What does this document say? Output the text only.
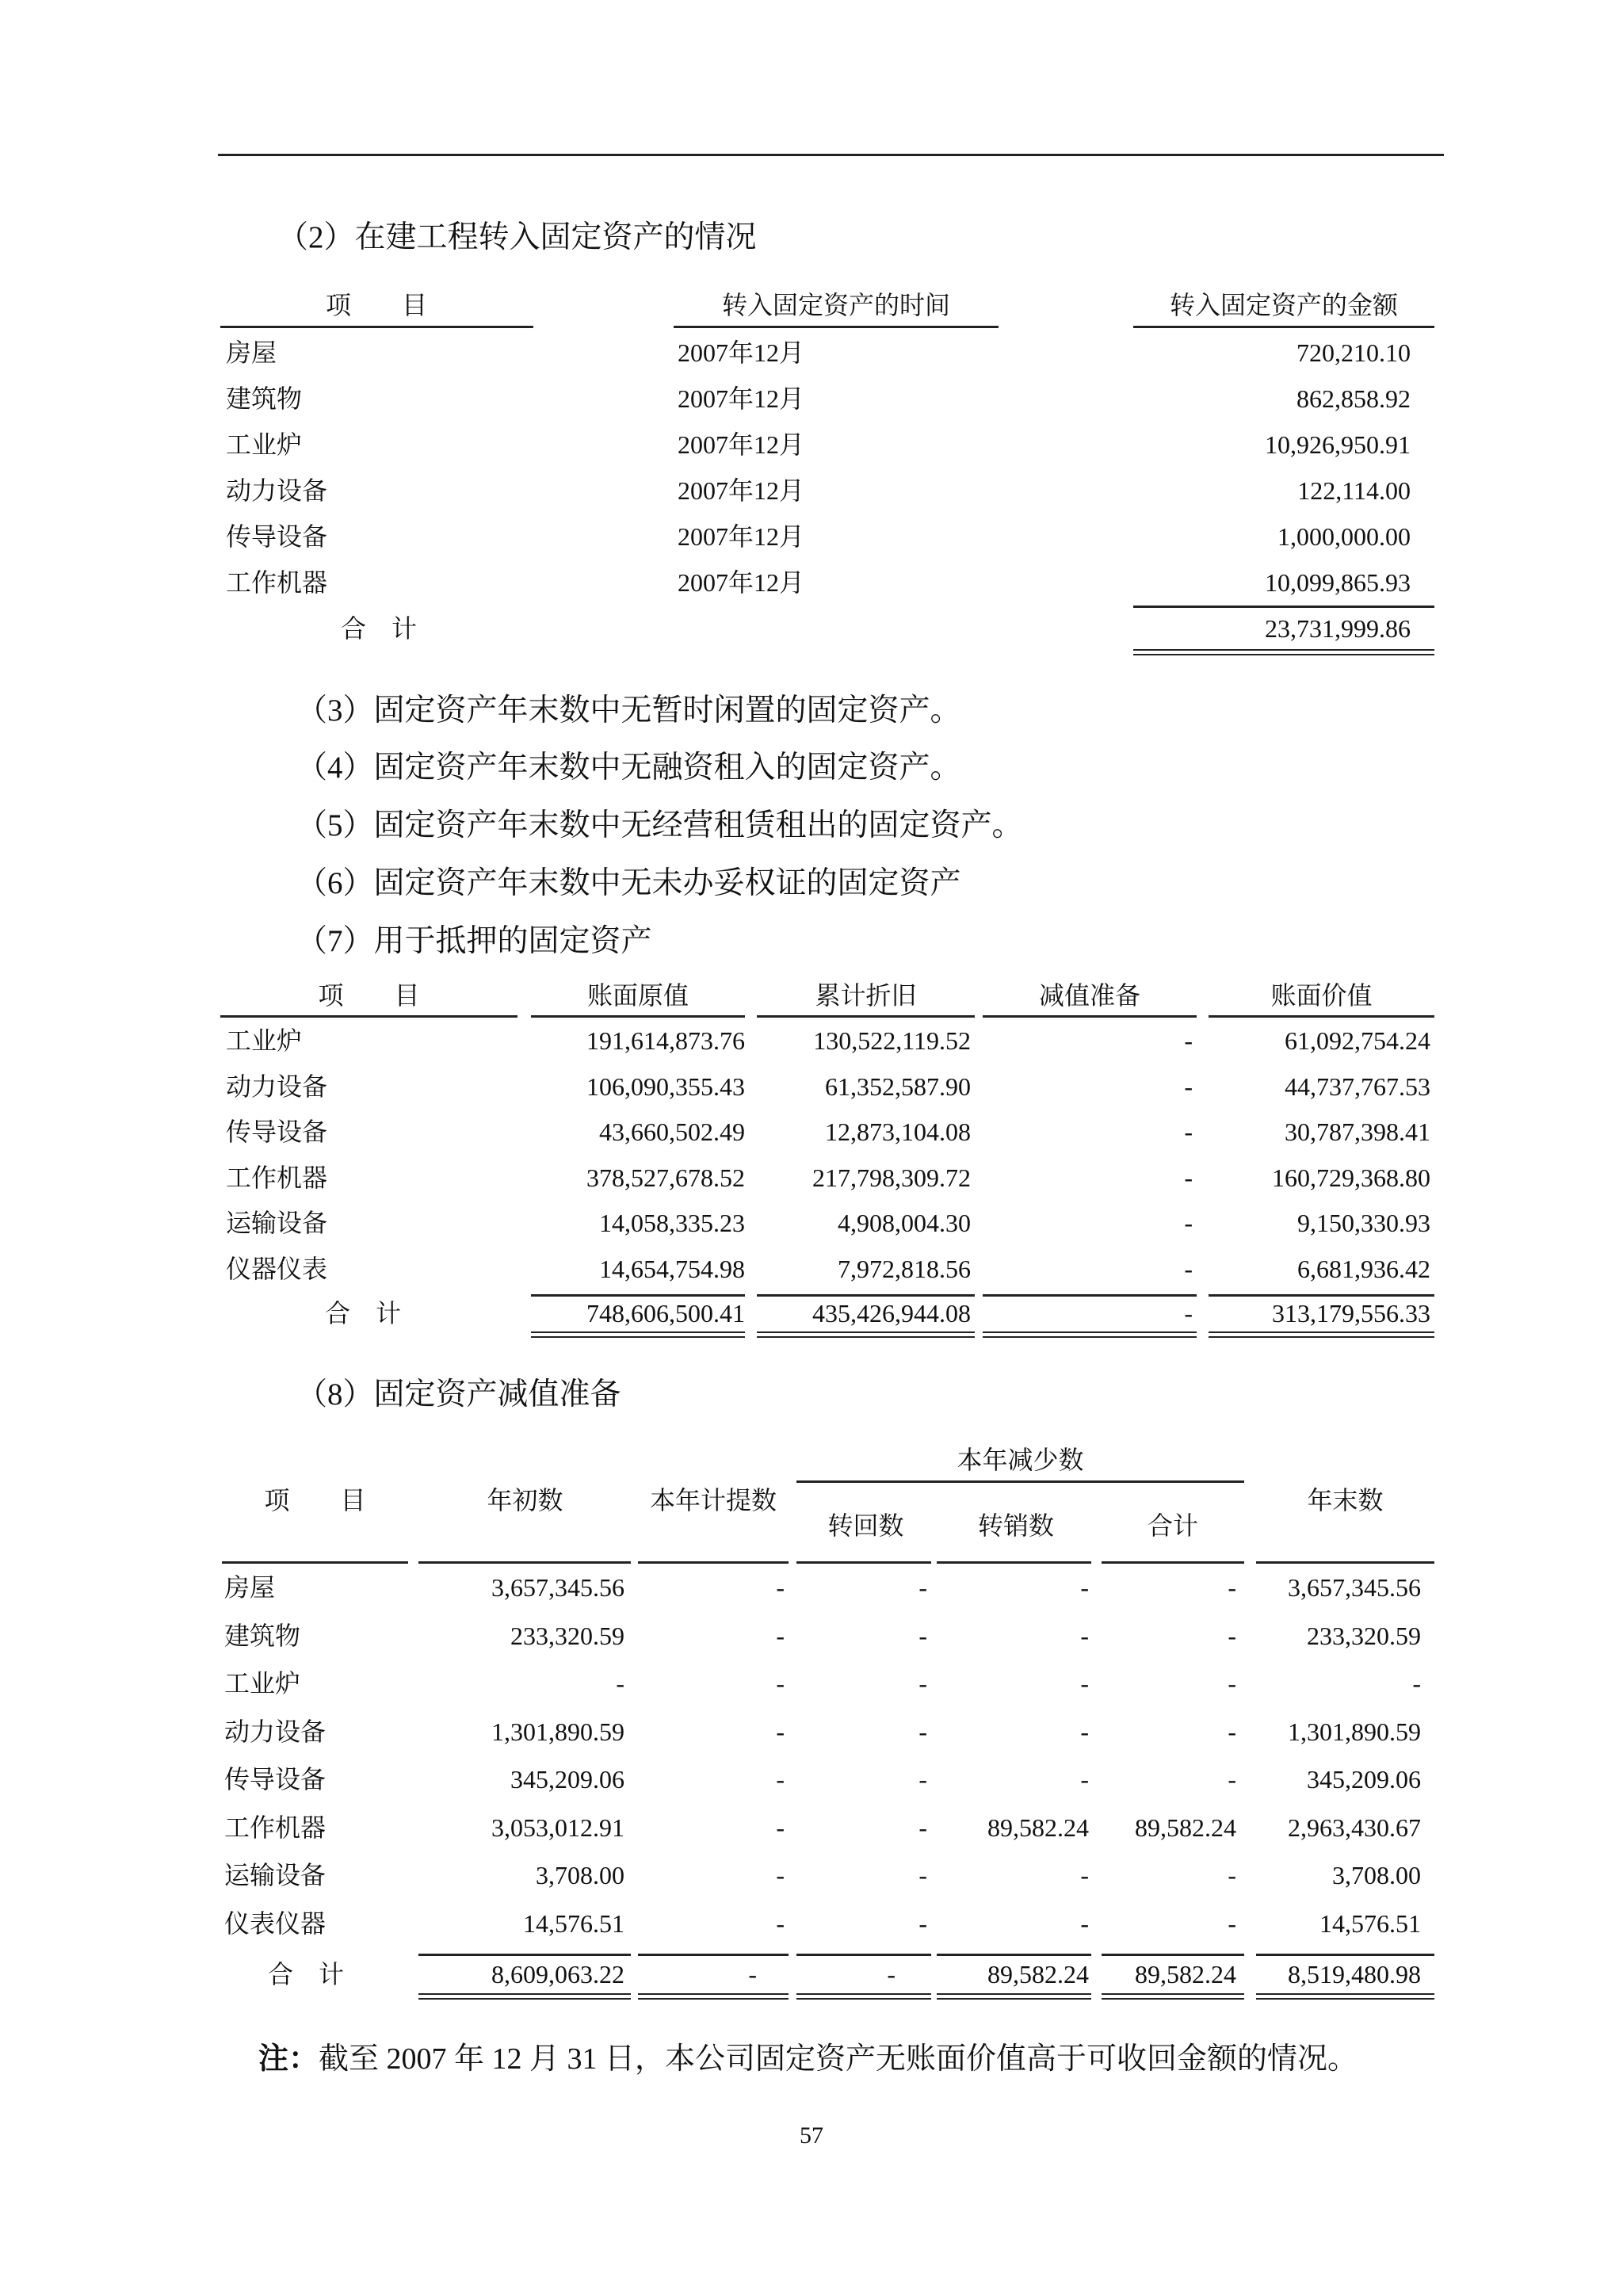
（2）在建工程转入固定资产的情况
项　　目	转入固定资产的时间	转入固定资产的金额
房屋	2007年12月	720,210.10
建筑物	2007年12月	862,858.92
工业炉	2007年12月	10,926,950.91
动力设备	2007年12月	122,114.00
传导设备	2007年12月	1,000,000.00
工作机器	2007年12月	10,099,865.93
合　计	23,731,999.86
（3）固定资产年末数中无暂时闲置的固定资产。
（4）固定资产年末数中无融资租入的固定资产。
（5）固定资产年末数中无经营租赁租出的固定资产。
（6）固定资产年末数中无未办妥权证的固定资产
（7）用于抵押的固定资产
项　　目	账面原值	累计折旧	减值准备	账面价值
工业炉	191,614,873.76	130,522,119.52	-	61,092,754.24
动力设备	106,090,355.43	61,352,587.90	-	44,737,767.53
传导设备	43,660,502.49	12,873,104.08	-	30,787,398.41
工作机器	378,527,678.52	217,798,309.72	-	160,729,368.80
运输设备	14,058,335.23	4,908,004.30	-	9,150,330.93
仪器仪表	14,654,754.98	7,972,818.56	-	6,681,936.42
合　计	748,606,500.41	435,426,944.08	-	313,179,556.33
（8）固定资产减值准备
项　　目	年初数	本年计提数
本年减少数
转回数	转销数	合计
年末数
房屋	3,657,345.56	-	-	-	-	3,657,345.56
建筑物	233,320.59	-	-	-	-	233,320.59
工业炉	-	-	-	-	-	-
动力设备	1,301,890.59	-	-	-	-	1,301,890.59
传导设备	345,209.06	-	-	-	-	345,209.06
工作机器	3,053,012.91	-	-	89,582.24	89,582.24	2,963,430.67
运输设备	3,708.00	-	-	-	-	3,708.00
仪表仪器	14,576.51	-	-	-	-	14,576.51
合　计	8,609,063.22	-	-	89,582.24	89,582.24	8,519,480.98
注：截至 2007 年 12 月 31 日，本公司固定资产无账面价值高于可收回金额的情况。
57
